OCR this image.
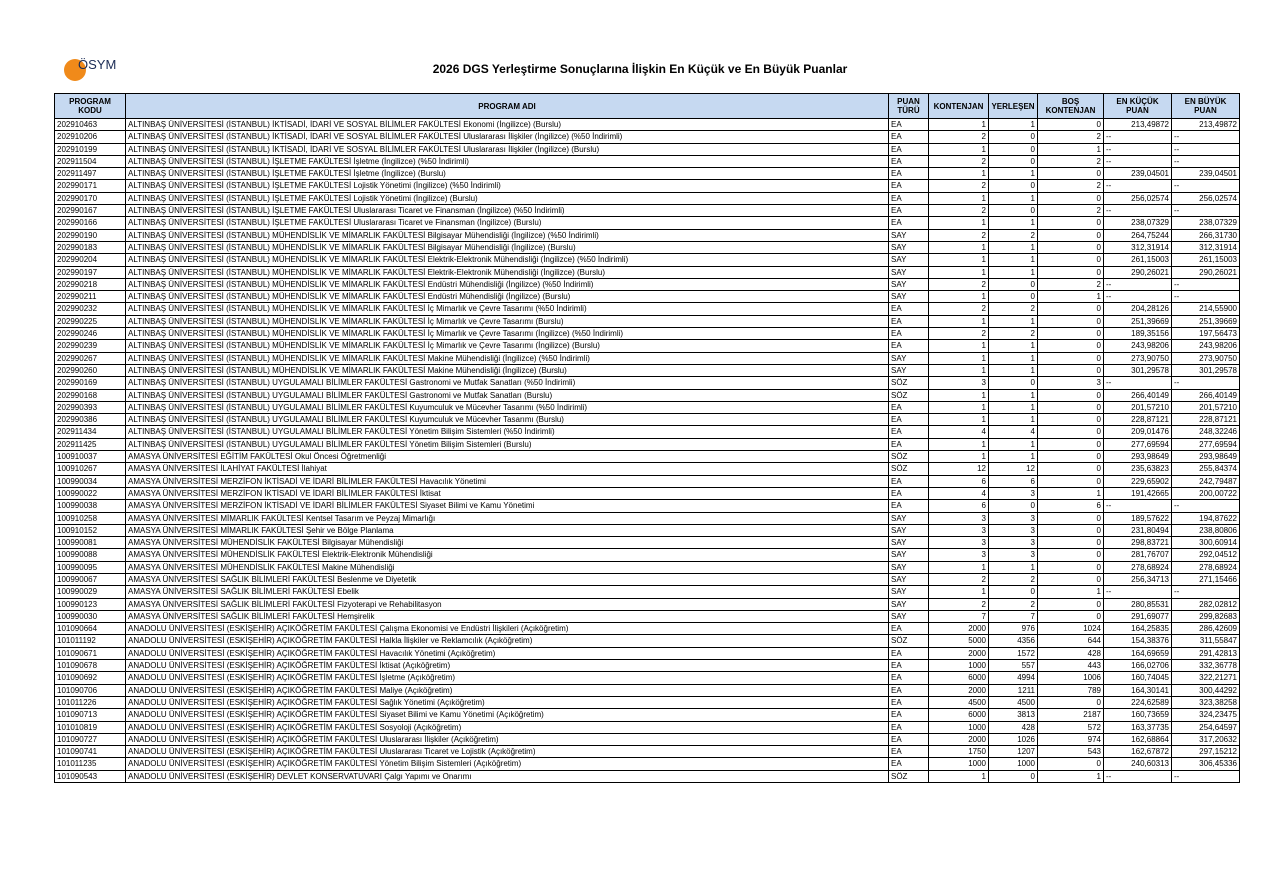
ÖSYM	2026 DGS Yerleştirme Sonuçlarına İlişkin En Küçük ve En Büyük Puanlar
PROGRAM KODU	PROGRAM ADI	PUAN TÜRÜ	KONTENJAN	YERLEŞEN	BOŞ KONTENJAN	EN KÜÇÜK PUAN	EN BÜYÜK PUAN
202910463	ALTINBAŞ ÜNİVERSİTESİ (İSTANBUL) İKTİSADİ, İDARİ VE SOSYAL BİLİMLER FAKÜLTESİ Ekonomi (İngilizce) (Burslu)	EA	1	1	0	213,49872	213,49872
202910206	ALTINBAŞ ÜNİVERSİTESİ (İSTANBUL) İKTİSADİ, İDARİ VE SOSYAL BİLİMLER FAKÜLTESİ Uluslararası İlişkiler (İngilizce) (%50 İndirimli)	EA	2	0	2	--	--
202910199	ALTINBAŞ ÜNİVERSİTESİ (İSTANBUL) İKTİSADİ, İDARİ VE SOSYAL BİLİMLER FAKÜLTESİ Uluslararası İlişkiler (İngilizce) (Burslu)	EA	1	0	1	--	--
202911504	ALTINBAŞ ÜNİVERSİTESİ (İSTANBUL) İŞLETME FAKÜLTESİ İşletme (İngilizce) (%50 İndirimli)	EA	2	0	2	--	--
202911497	ALTINBAŞ ÜNİVERSİTESİ (İSTANBUL) İŞLETME FAKÜLTESİ İşletme (İngilizce) (Burslu)	EA	1	1	0	239,04501	239,04501
202990171	ALTINBAŞ ÜNİVERSİTESİ (İSTANBUL) İŞLETME FAKÜLTESİ Lojistik Yönetimi (İngilizce) (%50 İndirimli)	EA	2	0	2	--	--
202990170	ALTINBAŞ ÜNİVERSİTESİ (İSTANBUL) İŞLETME FAKÜLTESİ Lojistik Yönetimi (İngilizce) (Burslu)	EA	1	1	0	256,02574	256,02574
202990167	ALTINBAŞ ÜNİVERSİTESİ (İSTANBUL) İŞLETME FAKÜLTESİ Uluslararası Ticaret ve Finansman (İngilizce) (%50 İndirimli)	EA	2	0	2	--	--
202990166	ALTINBAŞ ÜNİVERSİTESİ (İSTANBUL) İŞLETME FAKÜLTESİ Uluslararası Ticaret ve Finansman (İngilizce) (Burslu)	EA	1	1	0	238,07329	238,07329
202990190	ALTINBAŞ ÜNİVERSİTESİ (İSTANBUL) MÜHENDİSLİK VE MİMARLIK FAKÜLTESİ Bilgisayar Mühendisliği (İngilizce) (%50 İndirimli)	SAY	2	2	0	264,75244	266,31730
202990183	ALTINBAŞ ÜNİVERSİTESİ (İSTANBUL) MÜHENDİSLİK VE MİMARLIK FAKÜLTESİ Bilgisayar Mühendisliği (İngilizce) (Burslu)	SAY	1	1	0	312,31914	312,31914
202990204	ALTINBAŞ ÜNİVERSİTESİ (İSTANBUL) MÜHENDİSLİK VE MİMARLIK FAKÜLTESİ Elektrik-Elektronik Mühendisliği (İngilizce) (%50 İndirimli)	SAY	1	1	0	261,15003	261,15003
202990197	ALTINBAŞ ÜNİVERSİTESİ (İSTANBUL) MÜHENDİSLİK VE MİMARLIK FAKÜLTESİ Elektrik-Elektronik Mühendisliği (İngilizce) (Burslu)	SAY	1	1	0	290,26021	290,26021
202990218	ALTINBAŞ ÜNİVERSİTESİ (İSTANBUL) MÜHENDİSLİK VE MİMARLIK FAKÜLTESİ Endüstri Mühendisliği (İngilizce) (%50 İndirimli)	SAY	2	0	2	--	--
202990211	ALTINBAŞ ÜNİVERSİTESİ (İSTANBUL) MÜHENDİSLİK VE MİMARLIK FAKÜLTESİ Endüstri Mühendisliği (İngilizce) (Burslu)	SAY	1	0	1	--	--
202990232	ALTINBAŞ ÜNİVERSİTESİ (İSTANBUL) MÜHENDİSLİK VE MİMARLIK FAKÜLTESİ İç Mimarlık ve Çevre Tasarımı (%50 İndirimli)	EA	2	2	0	204,28126	214,55900
202990225	ALTINBAŞ ÜNİVERSİTESİ (İSTANBUL) MÜHENDİSLİK VE MİMARLIK FAKÜLTESİ İç Mimarlık ve Çevre Tasarımı (Burslu)	EA	1	1	0	251,39669	251,39669
202990246	ALTINBAŞ ÜNİVERSİTESİ (İSTANBUL) MÜHENDİSLİK VE MİMARLIK FAKÜLTESİ İç Mimarlık ve Çevre Tasarımı (İngilizce) (%50 İndirimli)	EA	2	2	0	189,35156	197,56473
202990239	ALTINBAŞ ÜNİVERSİTESİ (İSTANBUL) MÜHENDİSLİK VE MİMARLIK FAKÜLTESİ İç Mimarlık ve Çevre Tasarımı (İngilizce) (Burslu)	EA	1	1	0	243,98206	243,98206
202990267	ALTINBAŞ ÜNİVERSİTESİ (İSTANBUL) MÜHENDİSLİK VE MİMARLIK FAKÜLTESİ Makine Mühendisliği (İngilizce) (%50 İndirimli)	SAY	1	1	0	273,90750	273,90750
202990260	ALTINBAŞ ÜNİVERSİTESİ (İSTANBUL) MÜHENDİSLİK VE MİMARLIK FAKÜLTESİ Makine Mühendisliği (İngilizce) (Burslu)	SAY	1	1	0	301,29578	301,29578
202990169	ALTINBAŞ ÜNİVERSİTESİ (İSTANBUL) UYGULAMALI BİLİMLER FAKÜLTESİ Gastronomi ve Mutfak Sanatları (%50 İndirimli)	SÖZ	3	0	3	--	--
202990168	ALTINBAŞ ÜNİVERSİTESİ (İSTANBUL) UYGULAMALI BİLİMLER FAKÜLTESİ Gastronomi ve Mutfak Sanatları (Burslu)	SÖZ	1	1	0	266,40149	266,40149
202990393	ALTINBAŞ ÜNİVERSİTESİ (İSTANBUL) UYGULAMALI BİLİMLER FAKÜLTESİ Kuyumculuk ve Mücevher Tasarımı (%50 İndirimli)	EA	1	1	0	201,57210	201,57210
202990386	ALTINBAŞ ÜNİVERSİTESİ (İSTANBUL) UYGULAMALI BİLİMLER FAKÜLTESİ Kuyumculuk ve Mücevher Tasarımı (Burslu)	EA	1	1	0	228,87121	228,87121
202911434	ALTINBAŞ ÜNİVERSİTESİ (İSTANBUL) UYGULAMALI BİLİMLER FAKÜLTESİ Yönetim Bilişim Sistemleri (%50 İndirimli)	EA	4	4	0	209,01476	248,32246
202911425	ALTINBAŞ ÜNİVERSİTESİ (İSTANBUL) UYGULAMALI BİLİMLER FAKÜLTESİ Yönetim Bilişim Sistemleri (Burslu)	EA	1	1	0	277,69594	277,69594
100910037	AMASYA ÜNİVERSİTESİ EĞİTİM FAKÜLTESİ Okul Öncesi Öğretmenliği	SÖZ	1	1	0	293,98649	293,98649
100910267	AMASYA ÜNİVERSİTESİ İLAHİYAT FAKÜLTESİ İlahiyat	SÖZ	12	12	0	235,63823	255,84374
100990034	AMASYA ÜNİVERSİTESİ MERZİFON İKTİSADİ VE İDARİ BİLİMLER FAKÜLTESİ Havacılık Yönetimi	EA	6	6	0	229,65902	242,79487
100990022	AMASYA ÜNİVERSİTESİ MERZİFON İKTİSADİ VE İDARİ BİLİMLER FAKÜLTESİ İktisat	EA	4	3	1	191,42665	200,00722
100990038	AMASYA ÜNİVERSİTESİ MERZİFON İKTİSADİ VE İDARİ BİLİMLER FAKÜLTESİ Siyaset Bilimi ve Kamu Yönetimi	EA	6	0	6	--	--
100910258	AMASYA ÜNİVERSİTESİ MİMARLIK FAKÜLTESİ Kentsel Tasarım ve Peyzaj Mimarlığı	SAY	3	3	0	189,57622	194,87622
100910152	AMASYA ÜNİVERSİTESİ MİMARLIK FAKÜLTESİ Şehir ve Bölge Planlama	SAY	3	3	0	231,80494	238,80806
100990081	AMASYA ÜNİVERSİTESİ MÜHENDİSLİK FAKÜLTESİ Bilgisayar Mühendisliği	SAY	3	3	0	298,83721	300,60914
100990088	AMASYA ÜNİVERSİTESİ MÜHENDİSLİK FAKÜLTESİ Elektrik-Elektronik Mühendisliği	SAY	3	3	0	281,76707	292,04512
100990095	AMASYA ÜNİVERSİTESİ MÜHENDİSLİK FAKÜLTESİ Makine Mühendisliği	SAY	1	1	0	278,68924	278,68924
100990067	AMASYA ÜNİVERSİTESİ SAĞLIK BİLİMLERİ FAKÜLTESİ Beslenme ve Diyetetik	SAY	2	2	0	256,34713	271,15466
100990029	AMASYA ÜNİVERSİTESİ SAĞLIK BİLİMLERİ FAKÜLTESİ Ebelik	SAY	1	0	1	--	--
100990123	AMASYA ÜNİVERSİTESİ SAĞLIK BİLİMLERİ FAKÜLTESİ Fizyoterapi ve Rehabilitasyon	SAY	2	2	0	280,85531	282,02812
100990030	AMASYA ÜNİVERSİTESİ SAĞLIK BİLİMLERİ FAKÜLTESİ Hemşirelik	SAY	7	7	0	291,69077	299,82683
101090664	ANADOLU ÜNİVERSİTESİ (ESKİŞEHİR) AÇIKÖĞRETİM FAKÜLTESİ Çalışma Ekonomisi ve Endüstri İlişkileri (Açıköğretim)	EA	2000	976	1024	164,25835	286,42609
101011192	ANADOLU ÜNİVERSİTESİ (ESKİŞEHİR) AÇIKÖĞRETİM FAKÜLTESİ Halkla İlişkiler ve Reklamcılık (Açıköğretim)	SÖZ	5000	4356	644	154,38376	311,55847
101090671	ANADOLU ÜNİVERSİTESİ (ESKİŞEHİR) AÇIKÖĞRETİM FAKÜLTESİ Havacılık Yönetimi (Açıköğretim)	EA	2000	1572	428	164,69659	291,42813
101090678	ANADOLU ÜNİVERSİTESİ (ESKİŞEHİR) AÇIKÖĞRETİM FAKÜLTESİ İktisat (Açıköğretim)	EA	1000	557	443	166,02706	332,36778
101090692	ANADOLU ÜNİVERSİTESİ (ESKİŞEHİR) AÇIKÖĞRETİM FAKÜLTESİ İşletme (Açıköğretim)	EA	6000	4994	1006	160,74045	322,21271
101090706	ANADOLU ÜNİVERSİTESİ (ESKİŞEHİR) AÇIKÖĞRETİM FAKÜLTESİ Maliye (Açıköğretim)	EA	2000	1211	789	164,30141	300,44292
101011226	ANADOLU ÜNİVERSİTESİ (ESKİŞEHİR) AÇIKÖĞRETİM FAKÜLTESİ Sağlık Yönetimi (Açıköğretim)	EA	4500	4500	0	224,62589	323,38258
101090713	ANADOLU ÜNİVERSİTESİ (ESKİŞEHİR) AÇIKÖĞRETİM FAKÜLTESİ Siyaset Bilimi ve Kamu Yönetimi (Açıköğretim)	EA	6000	3813	2187	160,73659	324,23475
101010819	ANADOLU ÜNİVERSİTESİ (ESKİŞEHİR) AÇIKÖĞRETİM FAKÜLTESİ Sosyoloji (Açıköğretim)	EA	1000	428	572	163,37735	254,64597
101090727	ANADOLU ÜNİVERSİTESİ (ESKİŞEHİR) AÇIKÖĞRETİM FAKÜLTESİ Uluslararası İlişkiler (Açıköğretim)	EA	2000	1026	974	162,68864	317,20632
101090741	ANADOLU ÜNİVERSİTESİ (ESKİŞEHİR) AÇIKÖĞRETİM FAKÜLTESİ Uluslararası Ticaret ve Lojistik (Açıköğretim)	EA	1750	1207	543	162,67872	297,15212
101011235	ANADOLU ÜNİVERSİTESİ (ESKİŞEHİR) AÇIKÖĞRETİM FAKÜLTESİ Yönetim Bilişim Sistemleri (Açıköğretim)	EA	1000	1000	0	240,60313	306,45336
101090543	ANADOLU ÜNİVERSİTESİ (ESKİŞEHİR) DEVLET KONSERVATUVARI Çalgı Yapımı ve Onarımı	SÖZ	1	0	1	--	--
